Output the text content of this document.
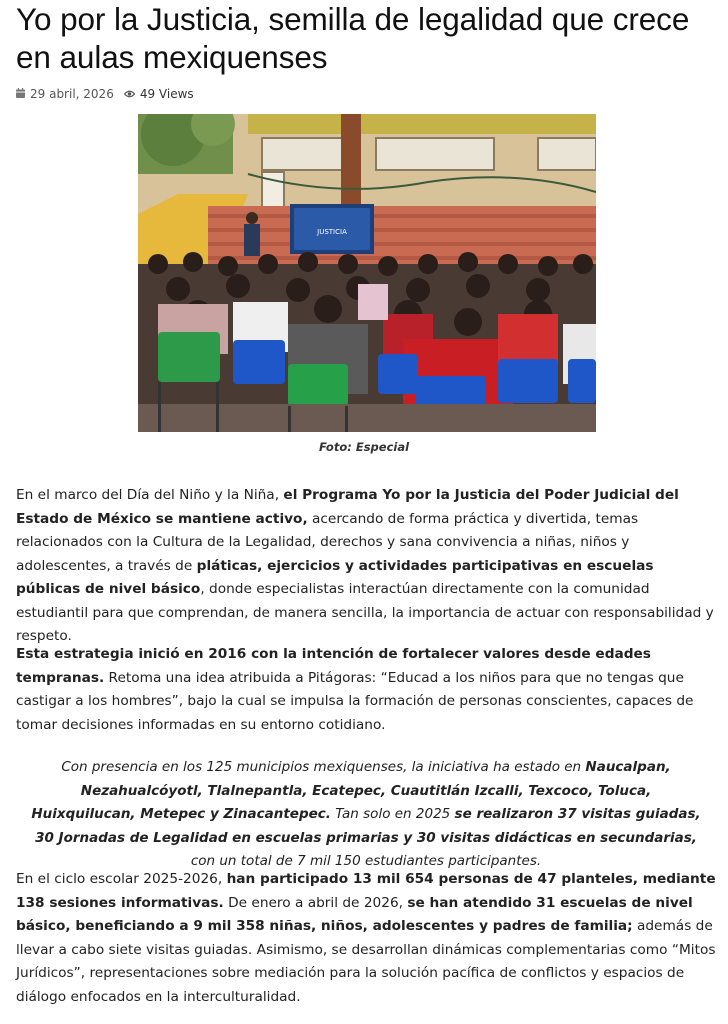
Yo por la Justicia, semilla de legalidad que crece en aulas mexiquenses
29 abril, 2026 49 Views
JUSTICIA
Foto: Especial

En el marco del Día del Niño y la Niña, el Programa Yo por la Justicia del Poder Judicial del Estado de México se mantiene activo, acercando de forma práctica y divertida, temas relacionados con la Cultura de la Legalidad, derechos y sana convivencia a niñas, niños y adolescentes, a través de pláticas, ejercicios y actividades participativas en escuelas públicas de nivel básico, donde especialistas interactúan directamente con la comunidad estudiantil para que comprendan, de manera sencilla, la importancia de actuar con responsabilidad y respeto.

Esta estrategia inició en 2016 con la intención de fortalecer valores desde edades tempranas. Retoma una idea atribuida a Pitágoras: “Educad a los niños para que no tengas que castigar a los hombres”, bajo la cual se impulsa la formación de personas conscientes, capaces de tomar decisiones informadas en su entorno cotidiano.

Con presencia en los 125 municipios mexiquenses, la iniciativa ha estado en Naucalpan, Nezahualcóyotl, Tlalnepantla, Ecatepec, Cuautitlán Izcalli, Texcoco, Toluca, Huixquilucan, Metepec y Zinacantepec. Tan solo en 2025 se realizaron 37 visitas guiadas, 30 Jornadas de Legalidad en escuelas primarias y 30 visitas didácticas en secundarias, con un total de 7 mil 150 estudiantes participantes.

En el ciclo escolar 2025-2026, han participado 13 mil 654 personas de 47 planteles, mediante 138 sesiones informativas. De enero a abril de 2026, se han atendido 31 escuelas de nivel básico, beneficiando a 9 mil 358 niñas, niños, adolescentes y padres de familia; además de llevar a cabo siete visitas guiadas. Asimismo, se desarrollan dinámicas complementarias como “Mitos Jurídicos”, representaciones sobre mediación para la solución pacífica de conflictos y espacios de diálogo enfocados en la interculturalidad.
